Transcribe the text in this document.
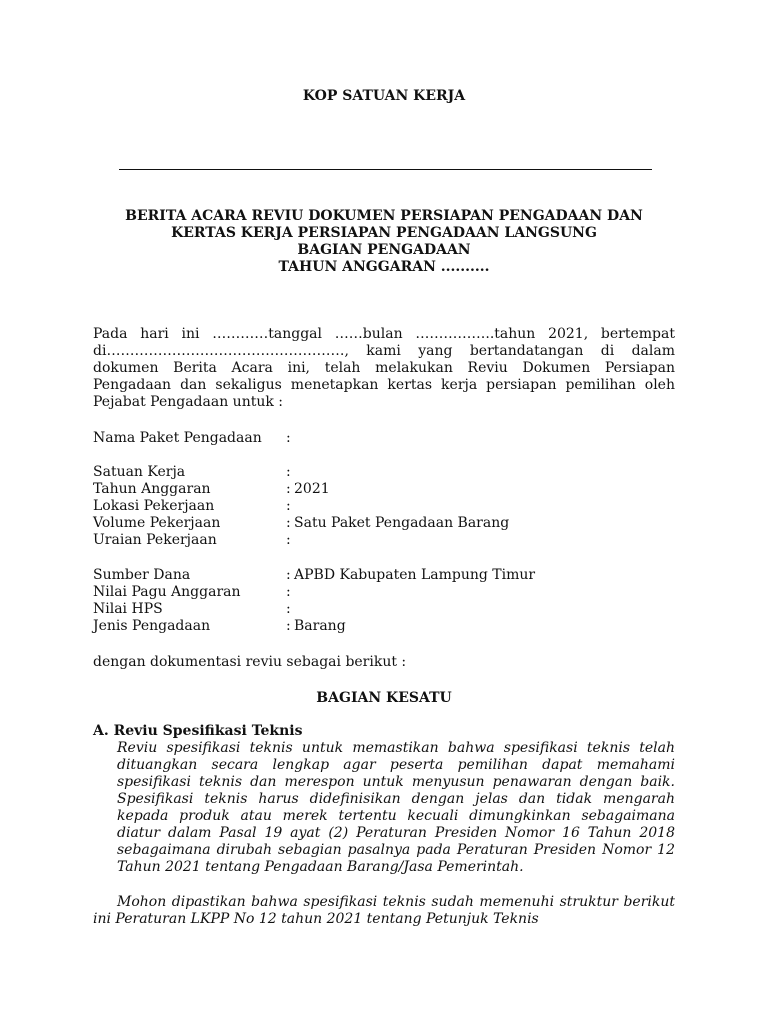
KOP SATUAN KERJA

BERITA ACARA REVIU DOKUMEN PERSIAPAN PENGADAAN DAN

KERTAS KERJA PERSIAPAN PENGADAAN LANGSUNG

BAGIAN PENGADAAN

TAHUN ANGGARAN ..........

Pada hari ini …………tanggal ……bulan ……………..tahun 2021, bertempat di……………………………………………, kami yang bertandatangan di dalam dokumen Berita Acara ini, telah melakukan Reviu Dokumen Persiapan Pengadaan dan sekaligus menetapkan kertas kerja persiapan pemilihan oleh Pejabat Pengadaan untuk :

Nama Paket Pengadaan	:
Satuan Kerja	:
Tahun Anggaran	: 2021
Lokasi Pekerjaan	:
Volume Pekerjaan	: Satu Paket Pengadaan Barang
Uraian Pekerjaan	:
Sumber Dana	: APBD Kabupaten Lampung Timur
Nilai Pagu Anggaran	:
Nilai HPS	:
Jenis Pengadaan	: Barang

dengan dokumentasi reviu sebagai berikut :

BAGIAN KESATU
A. Reviu Spesifikasi Teknis

Reviu spesifikasi teknis untuk memastikan bahwa spesifikasi teknis telah dituangkan secara lengkap agar peserta pemilihan dapat memahami spesifikasi teknis dan merespon untuk menyusun penawaran dengan baik. Spesifikasi teknis harus didefinisikan dengan jelas dan tidak mengarah kepada produk atau merek tertentu kecuali dimungkinkan sebagaimana diatur dalam Pasal 19 ayat (2) Peraturan Presiden Nomor 16 Tahun 2018 sebagaimana dirubah sebagian pasalnya pada Peraturan Presiden Nomor 12 Tahun 2021 tentang Pengadaan Barang/Jasa Pemerintah.

Mohon dipastikan bahwa spesifikasi teknis sudah memenuhi struktur berikut ini Peraturan LKPP No 12 tahun 2021 tentang Petunjuk Teknis
